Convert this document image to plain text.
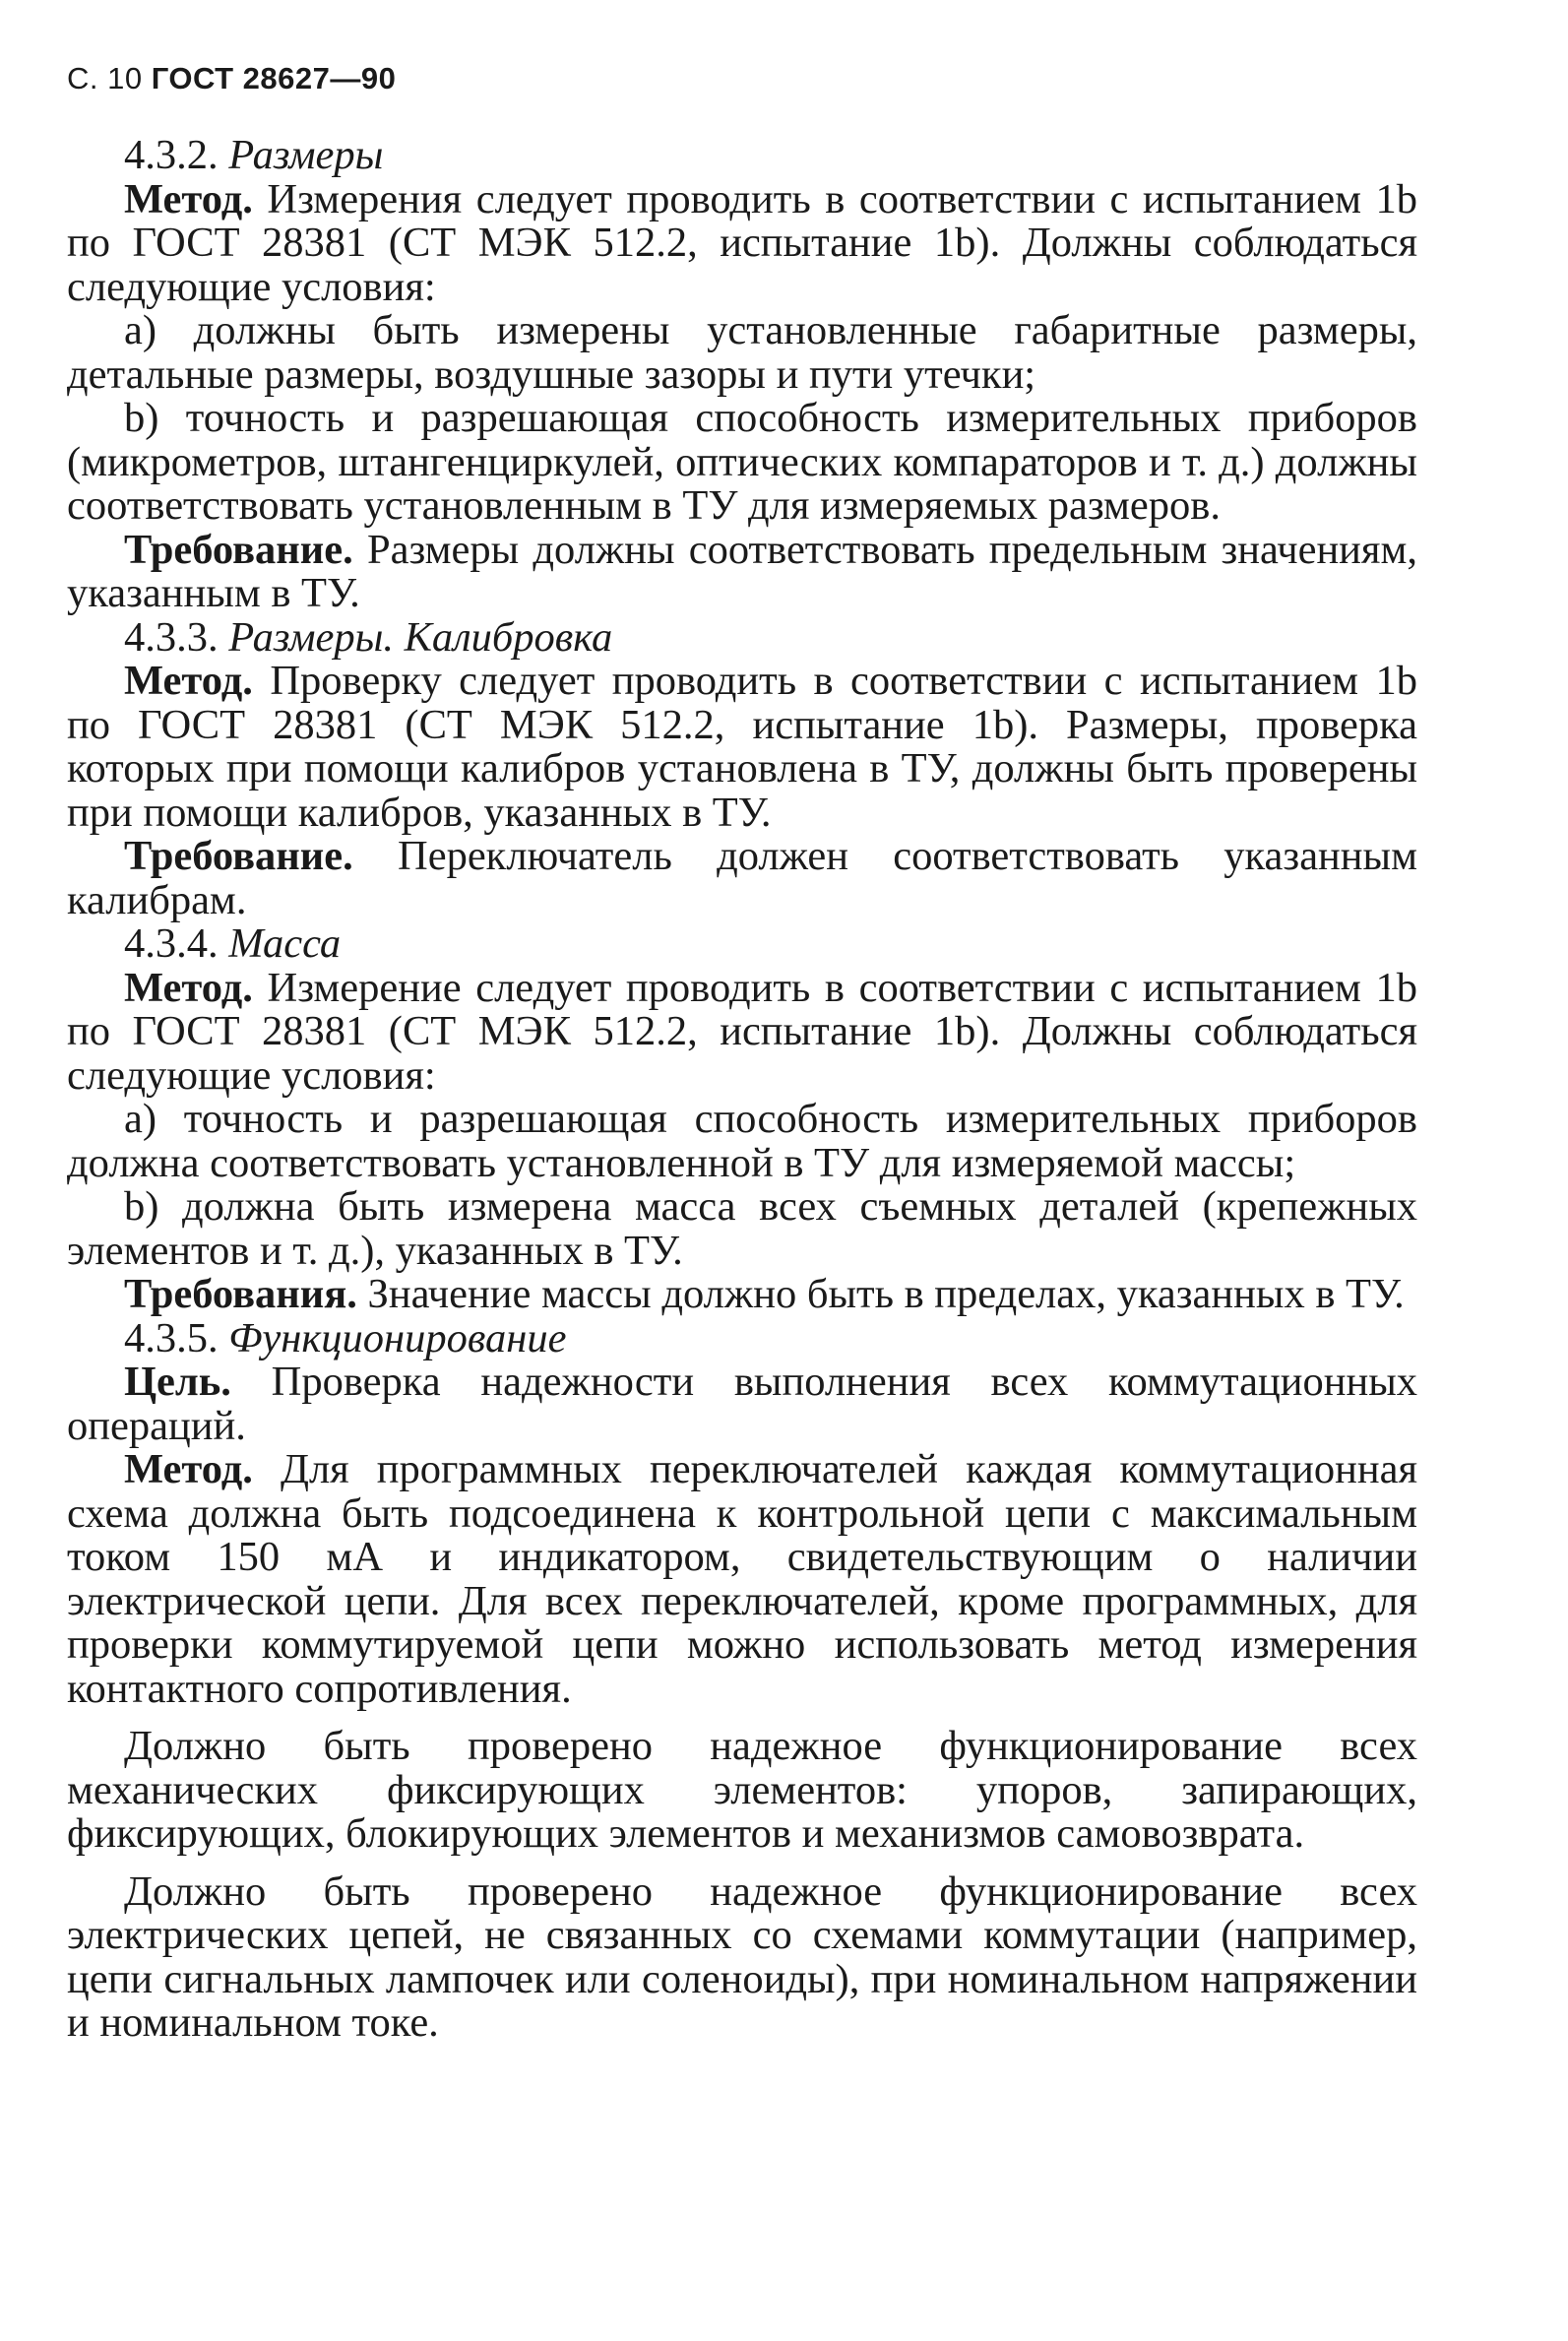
С. 10 ГОСТ 28627—90

4.3.2. Размеры

Метод. Измерения следует проводить в соответствии с испытанием 1b по ГОСТ 28381 (СТ МЭК 512.2, испытание 1b). Должны соблюдаться следующие условия:

а) должны быть измерены установленные габаритные размеры, детальные размеры, воздушные зазоры и пути утечки;

b) точность и разрешающая способность измерительных приборов (микрометров, штангенциркулей, оптических компараторов и т. д.) должны соответствовать установленным в ТУ для измеряемых размеров.

Требование. Размеры должны соответствовать предельным значениям, указанным в ТУ.

4.3.3. Размеры. Калибровка

Метод. Проверку следует проводить в соответствии с испытанием 1b по ГОСТ 28381 (СТ МЭК 512.2, испытание 1b). Размеры, проверка которых при помощи калибров установлена в ТУ, должны быть проверены при помощи калибров, указанных в ТУ.

Требование. Переключатель должен соответствовать указанным калибрам.

4.3.4. Масса

Метод. Измерение следует проводить в соответствии с испытанием 1b по ГОСТ 28381 (СТ МЭК 512.2, испытание 1b). Должны соблюдаться следующие условия:

а) точность и разрешающая способность измерительных приборов должна соответствовать установленной в ТУ для измеряемой массы;

b) должна быть измерена масса всех съемных деталей (крепежных элементов и т. д.), указанных в ТУ.

Требования. Значение массы должно быть в пределах, указанных в ТУ.

4.3.5. Функционирование

Цель. Проверка надежности выполнения всех коммутационных операций.

Метод. Для программных переключателей каждая коммутационная схема должна быть подсоединена к контрольной цепи с максимальным током 150 мА и индикатором, свидетельствующим о наличии электрической цепи. Для всех переключателей, кроме программных, для проверки коммутируемой цепи можно использовать метод измерения контактного сопротивления.

Должно быть проверено надежное функционирование всех механических фиксирующих элементов: упоров, запирающих, фиксирующих, блокирующих элементов и механизмов самовозврата.

Должно быть проверено надежное функционирование всех электрических цепей, не связанных со схемами коммутации (например, цепи сигнальных лампочек или соленоиды), при номинальном напряжении и номинальном токе.
